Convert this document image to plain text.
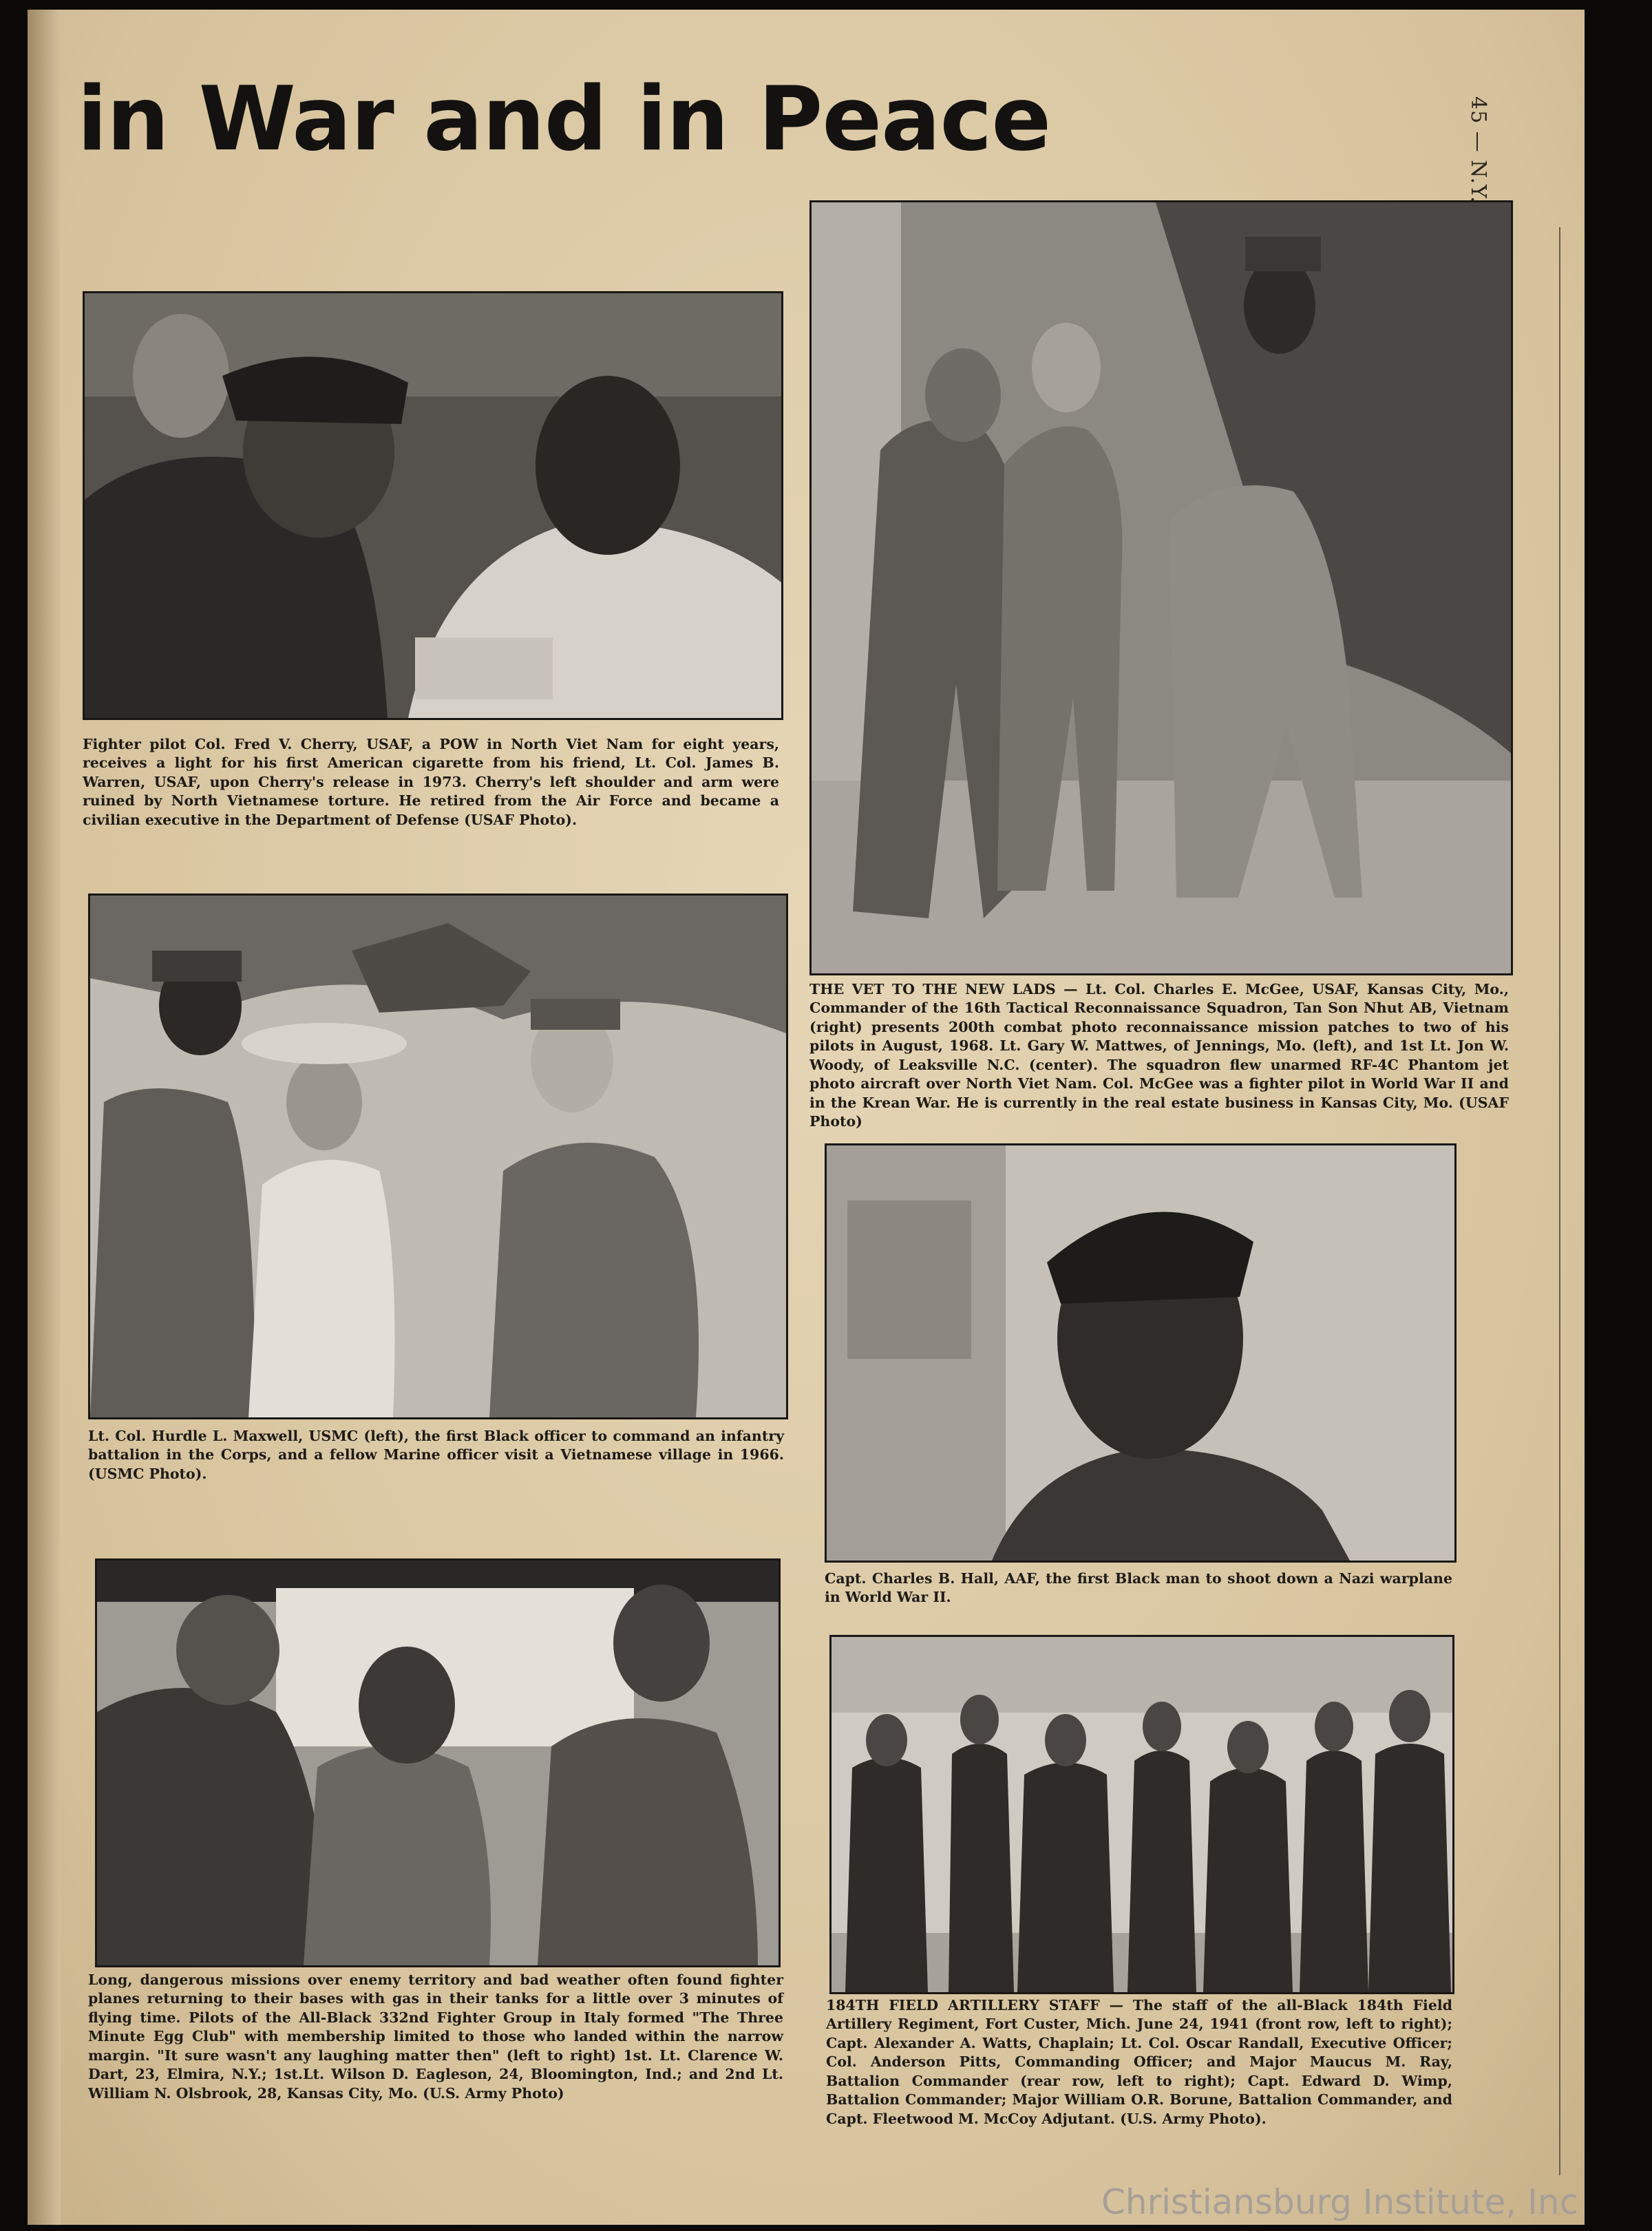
in War and in Peace

Fighter pilot Col. Fred V. Cherry, USAF, a POW in North Viet Nam for eight years, receives a light for his first American cigarette from his friend, Lt. Col. James B. Warren, USAF, upon Cherry's release in 1973. Cherry's left shoulder and arm were ruined by North Vietnamese torture. He retired from the Air Force and became a civilian executive in the Department of Defense (USAF Photo).

THE VET TO THE NEW LADS — Lt. Col. Charles E. McGee, USAF, Kansas City, Mo., Commander of the 16th Tactical Reconnaissance Squadron, Tan Son Nhut AB, Vietnam (right) presents 200th combat photo reconnaissance mission patches to two of his pilots in August, 1968. Lt. Gary W. Mattwes, of Jennings, Mo. (left), and 1st Lt. Jon W. Woody, of Leaksville N.C. (center). The squadron flew unarmed RF-4C Phantom jet photo aircraft over North Viet Nam. Col. McGee was a fighter pilot in World War II and in the Krean War. He is currently in the real estate business in Kansas City, Mo. (USAF Photo)

Lt. Col. Hurdle L. Maxwell, USMC (left), the first Black officer to command an infantry battalion in the Corps, and a fellow Marine officer visit a Vietnamese village in 1966. (USMC Photo).

Capt. Charles B. Hall, AAF, the first Black man to shoot down a Nazi warplane in World War II.

Long, dangerous missions over enemy territory and bad weather often found fighter planes returning to their bases with gas in their tanks for a little over 3 minutes of flying time. Pilots of the All-Black 332nd Fighter Group in Italy formed "The Three Minute Egg Club" with membership limited to those who landed within the narrow margin. "It sure wasn't any laughing matter then" (left to right) 1st. Lt. Clarence W. Dart, 23, Elmira, N.Y.; 1st.Lt. Wilson D. Eagleson, 24, Bloomington, Ind.; and 2nd Lt. William N. Olsbrook, 28, Kansas City, Mo. (U.S. Army Photo)

184TH FIELD ARTILLERY STAFF — The staff of the all-Black 184th Field Artillery Regiment, Fort Custer, Mich. June 24, 1941 (front row, left to right); Capt. Alexander A. Watts, Chaplain; Lt. Col. Oscar Randall, Executive Officer; Col. Anderson Pitts, Commanding Officer; and Major Maucus M. Ray, Battalion Commander (rear row, left to right); Capt. Edward D. Wimp, Battalion Commander; Major William O.R. Borune, Battalion Commander, and Capt. Fleetwood M. McCoy Adjutant. (U.S. Army Photo).

Christiansburg Institute, Inc
